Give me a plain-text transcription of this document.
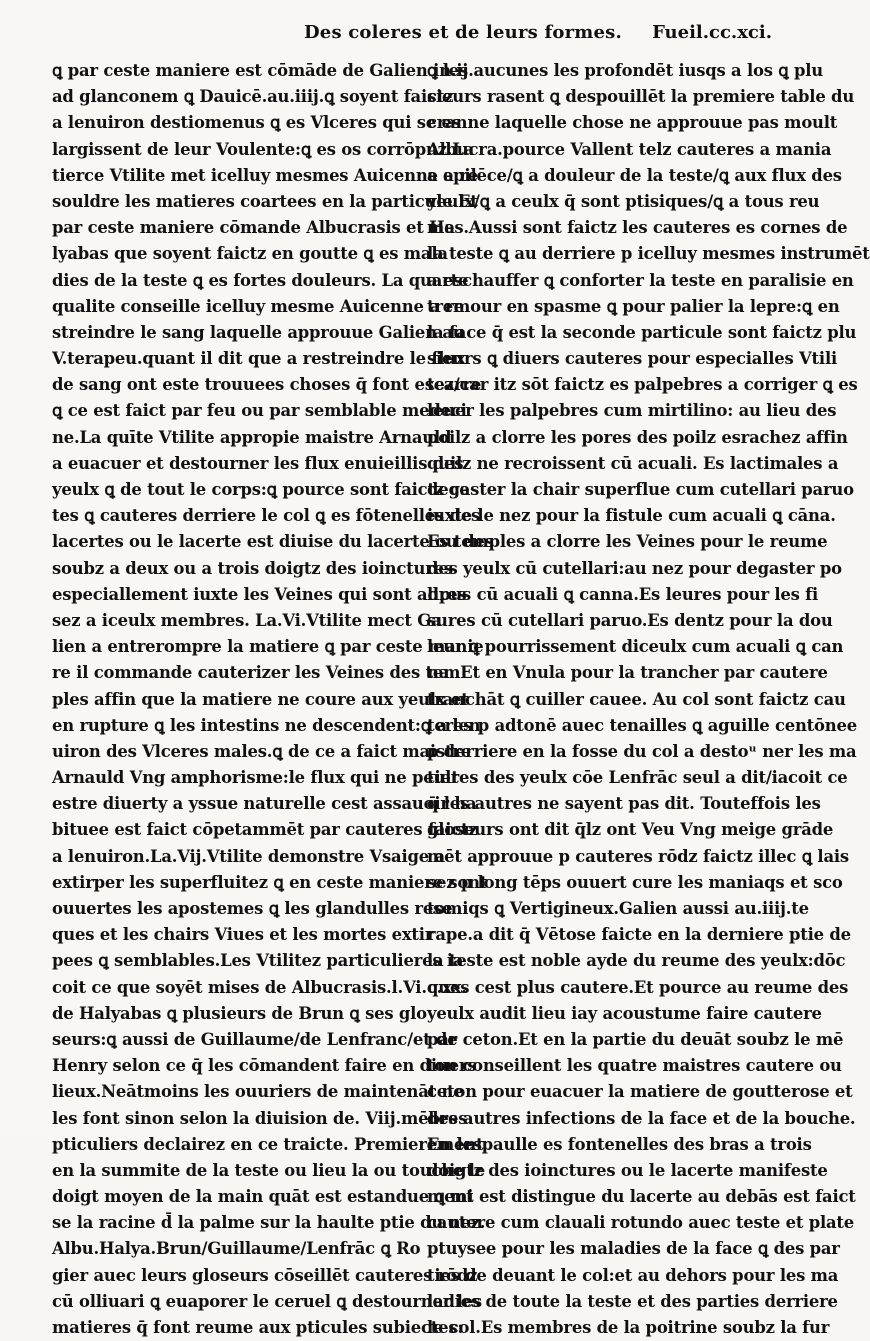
Des coleres et de leurs formes. Fueil.cc.xci.
ꝗ par ceste maniere est cōmāde de Galien in.ij.
ad glanconem ꝗ Dauicē.au.iiij.ꝗ soyent faictz
a lenuiron destiomenus ꝗ es Vlceres qui se es
largissent de leur Voulente:ꝗ es os corrōpuz.La
tierce Vtilite met icelluy mesmes Auicenne a re
souldre les matieres coartees en la particule.Et
par ceste maniere cōmande Albucrasis et Ha
lyabas que soyent faictz en goutte ꝗ es mala
dies de la teste ꝗ es fortes douleurs. La quarte
qualite conseille icelluy mesme Auicenne a re
streindre le sang laquelle approuue Galien au
V.terapeu.quant il dit que a restreindre le flux
de sang ont este trouuees choses q̄ font escarre
ꝗ ce est faict par feu ou par semblable medeci
ne.La quīte Vtilite appropie maistre Arnauld
a euacuer et destourner les flux enuieillis des
yeulx ꝗ de tout le corps:ꝗ pource sont faictz ce
tes ꝗ cauteres derriere le col ꝗ es fōtenelles des
lacertes ou le lacerte est diuise du lacerte ou des
soubz a deux ou a trois doigtz des ioinctures
especiallement iuxte les Veines qui sont adres
sez a iceulx membres. La.Vi.Vtilite mect Ga
lien a entrerompre la matiere ꝗ par ceste manie
re il commande cauterizer les Veines des tem
ples affin que la matiere ne coure aux yeulx et
en rupture ꝗ les intestins ne descendent:ꝗ a len
uiron des Vlceres males.ꝗ de ce a faict maistre
Arnauld Vng amphorisme:le flux qui ne peult
estre diuerty a yssue naturelle cest assauoir ha
bituee est faict cōpetammēt par cauteres faictz
a lenuiron.La.Vij.Vtilite demonstre Vsaige a
extirper les superfluitez ꝗ en ceste maniere sont
ouuertes les apostemes ꝗ les glandulles rese
ques et les chairs Viues et les mortes extir
pees ꝗ semblables.Les Vtilitez particulieres ia
coit ce que soyēt mises de Albucrasis.l.Vi.c.xx.
de Halyabas ꝗ plusieurs de Brun ꝗ ses glo
seurs:ꝗ aussi de Guillaume/de Lenfranc/et de
Henry selon ce q̄ les cōmandent faire en diuers
lieux.Neātmoins les ouuriers de maintenāt ne
les font sinon selon la diuision de. Viij.mēbres
pticuliers declairez en ce traicte. Premierement
en la summite de la teste ou lieu la ou touche le
doigt moyen de la main quāt est estandue ꝗ mi
se la racine d̄ la palme sur la haulte ptie du nez.
Albu.Halya.Brun/Guillaume/Lenfrāc ꝗ Ro
gier auec leurs gloseurs cōseillēt cauteres rōdz
cū olliuari ꝗ euaporer le ceruel ꝗ destourner les
matieres q̄ font reume aux pticules subiectes:
ꝗ les aucunes les profondēt iusqs a los ꝗ plu
sieurs rasent ꝗ despouillēt la premiere table du
cranne laquelle chose ne approuue pas moult
Albucra.pource Vallent telz cauteres a mania
a epilēce/ꝗ a douleur de la teste/ꝗ aux flux des
yeulx/ꝗ a ceulx q̄ sont ptisiques/ꝗ a tous reu
mes.Aussi sont faictz les cauteres es cornes de
la teste ꝗ au derriere p icelluy mesmes instrumēt
a eschauffer ꝗ conforter la teste en paralisie en
tremour en spasme ꝗ pour palier la lepre:ꝗ en
la face q̄ est la seconde particule sont faictz plu
sieurs ꝗ diuers cauteres pour especialles Vtili
tez/car itz sōt faictz es palpebres a corriger ꝗ es
leuer les palpebres cum mirtilino: au lieu des
poilz a clorre les pores des poilz esrachez affin
quilz ne recroissent cū acuali. Es lactimales a
degaster la chair superflue cum cutellari paruo
iuxte le nez pour la fistule cum acuali ꝗ cāna.
Es temples a clorre les Veines pour le reume
des yeulx cū cutellari:au nez pour degaster po
lipus cū acuali ꝗ canna.Es leures pour les fi
sures cū cutellari paruo.Es dentz pour la dou
leur ꝗ pourrissement diceulx cum acuali ꝗ can
na. Et en Vnula pour la trancher par cautere
tranchāt ꝗ cuiller cauee. Au col sont faictz cau
teres p adtonē auec tenailles ꝗ aguille centōnee
p derriere en la fosse du col a destoᵘ ner les ma
tieres des yeulx cōe Lenfrāc seul a dit/iacoit ce
q̄ les autres ne sayent pas dit. Touteffois les
gloseurs ont dit q̄lz ont Veu Vng meige grāde
mēt approuue p cauteres rōdz faictz illec ꝗ lais
sez p long tēps ouuert cure les maniaqs et sco
tomiqs ꝗ Vertigineux.Galien aussi au.iiij.te
rape.a dit q̄ Vētose faicte en la derniere ptie de
la teste est noble ayde du reume des yeulx:dōc
ques cest plus cautere.Et pource au reume des
yeulx audit lieu iay acoustume faire cautere
par ceton.Et en la partie du deuāt soubz le mē
ton conseillent les quatre maistres cautere ou
ceton pour euacuer la matiere de goutterose et
des autres infections de la face et de la bouche.
En lespaulle es fontenelles des bras a trois
doigtz des ioinctures ou le lacerte manifeste
ment est distingue du lacerte au debās est faict
cautere cum clauali rotundo auec teste et plate
ptuysee pour les maladies de la face ꝗ des par
ties de deuant le col:et au dehors pour les ma
ladies de toute la teste et des parties derriere
le col.Es membres de la poitrine soubz la fur
